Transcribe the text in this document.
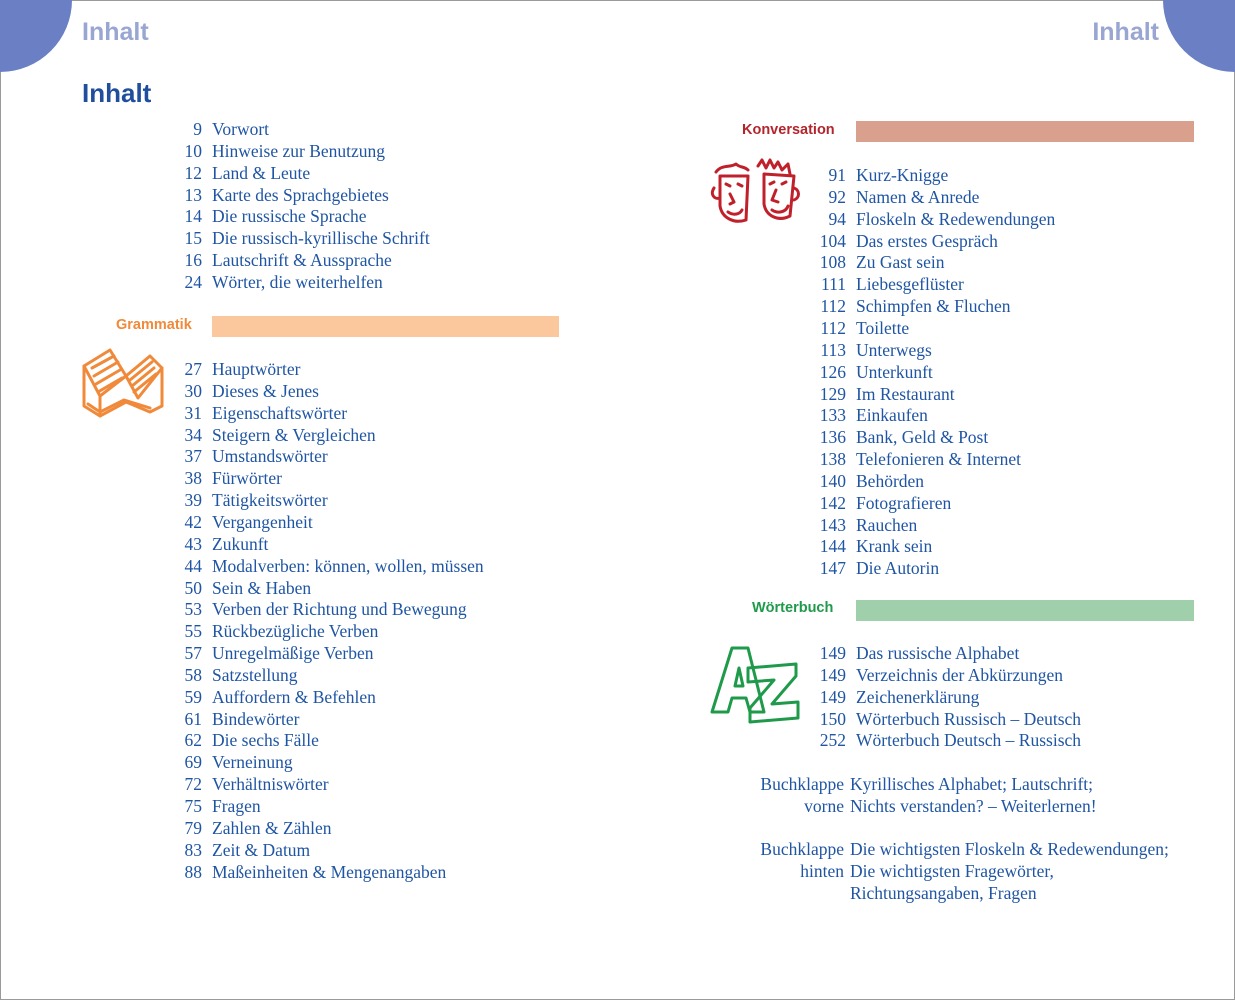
Inhalt	Inhalt
Inhalt
9 Vorwort
10 Hinweise zur Benutzung
12 Land & Leute
13 Karte des Sprachgebietes
14 Die russische Sprache
15 Die russisch-kyrillische Schrift
16 Lautschrift & Aussprache
24 Wörter, die weiterhelfen
Grammatik
27 Hauptwörter
30 Dieses & Jenes
31 Eigenschaftswörter
34 Steigern & Vergleichen
37 Umstandswörter
38 Fürwörter
39 Tätigkeitswörter
42 Vergangenheit
43 Zukunft
44 Modalverben: können, wollen, müssen
50 Sein & Haben
53 Verben der Richtung und Bewegung
55 Rückbezügliche Verben
57 Unregelmäßige Verben
58 Satzstellung
59 Auffordern & Befehlen
61 Bindewörter
62 Die sechs Fälle
69 Verneinung
72 Verhältniswörter
75 Fragen
79 Zahlen & Zählen
83 Zeit & Datum
88 Maßeinheiten & Mengenangaben
Konversation
91 Kurz-Knigge
92 Namen & Anrede
94 Floskeln & Redewendungen
104 Das erstes Gespräch
108 Zu Gast sein
111 Liebesgeflüster
112 Schimpfen & Fluchen
112 Toilette
113 Unterwegs
126 Unterkunft
129 Im Restaurant
133 Einkaufen
136 Bank, Geld & Post
138 Telefonieren & Internet
140 Behörden
142 Fotografieren
143 Rauchen
144 Krank sein
147 Die Autorin
Wörterbuch
149 Das russische Alphabet
149 Verzeichnis der Abkürzungen
149 Zeichenerklärung
150 Wörterbuch Russisch – Deutsch
252 Wörterbuch Deutsch – Russisch
Buchklappe
vorne
Kyrillisches Alphabet; Lautschrift;
Nichts verstanden? – Weiterlernen!
Buchklappe
hinten
Die wichtigsten Floskeln & Redewendungen;
Die wichtigsten Fragewörter,
Richtungsangaben, Fragen
